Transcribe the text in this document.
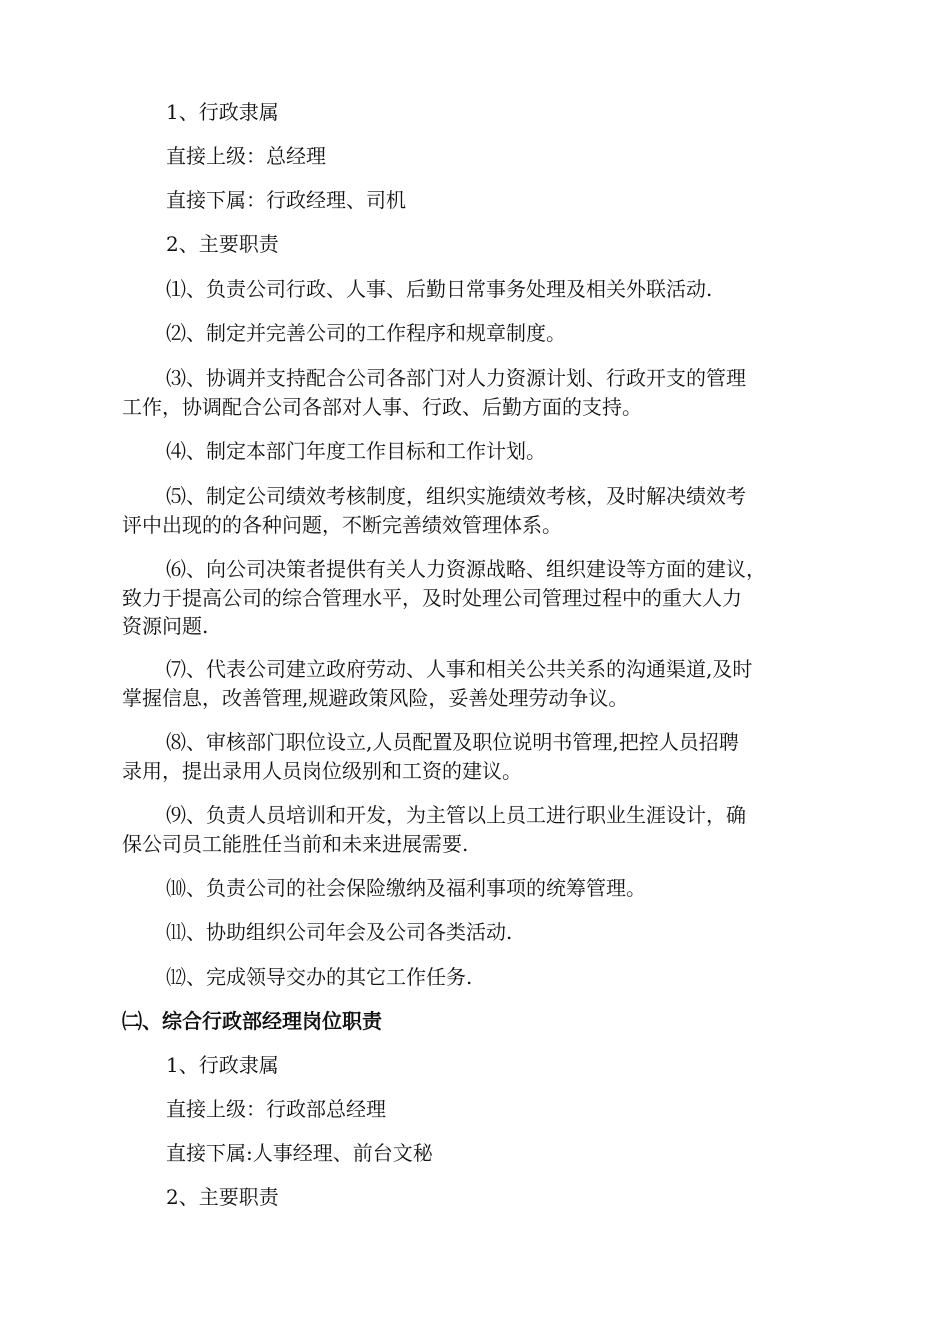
1、行政隶属
直接上级：总经理
直接下属：行政经理、司机
2、主要职责
⑴、负责公司行政、人事、后勤日常事务处理及相关外联活动.
⑵、制定并完善公司的工作程序和规章制度。
⑶、协调并支持配合公司各部门对人力资源计划、行政开支的管理
工作，协调配合公司各部对人事、行政、后勤方面的支持。
⑷、制定本部门年度工作目标和工作计划。
⑸、制定公司绩效考核制度，组织实施绩效考核，及时解决绩效考
评中出现的的各种问题，不断完善绩效管理体系。
⑹、向公司决策者提供有关人力资源战略、组织建设等方面的建议，
致力于提高公司的综合管理水平，及时处理公司管理过程中的重大人力
资源问题.
⑺、代表公司建立政府劳动、人事和相关公共关系的沟通渠道,及时
掌握信息，改善管理,规避政策风险，妥善处理劳动争议。
⑻、审核部门职位设立,人员配置及职位说明书管理,把控人员招聘
录用，提出录用人员岗位级别和工资的建议。
⑼、负责人员培训和开发，为主管以上员工进行职业生涯设计，确
保公司员工能胜任当前和未来进展需要.
⑽、负责公司的社会保险缴纳及福利事项的统筹管理。
⑾、协助组织公司年会及公司各类活动.
⑿、完成领导交办的其它工作任务.
㈡、综合行政部经理岗位职责
1、行政隶属
直接上级：行政部总经理
直接下属:人事经理、前台文秘
2、主要职责
